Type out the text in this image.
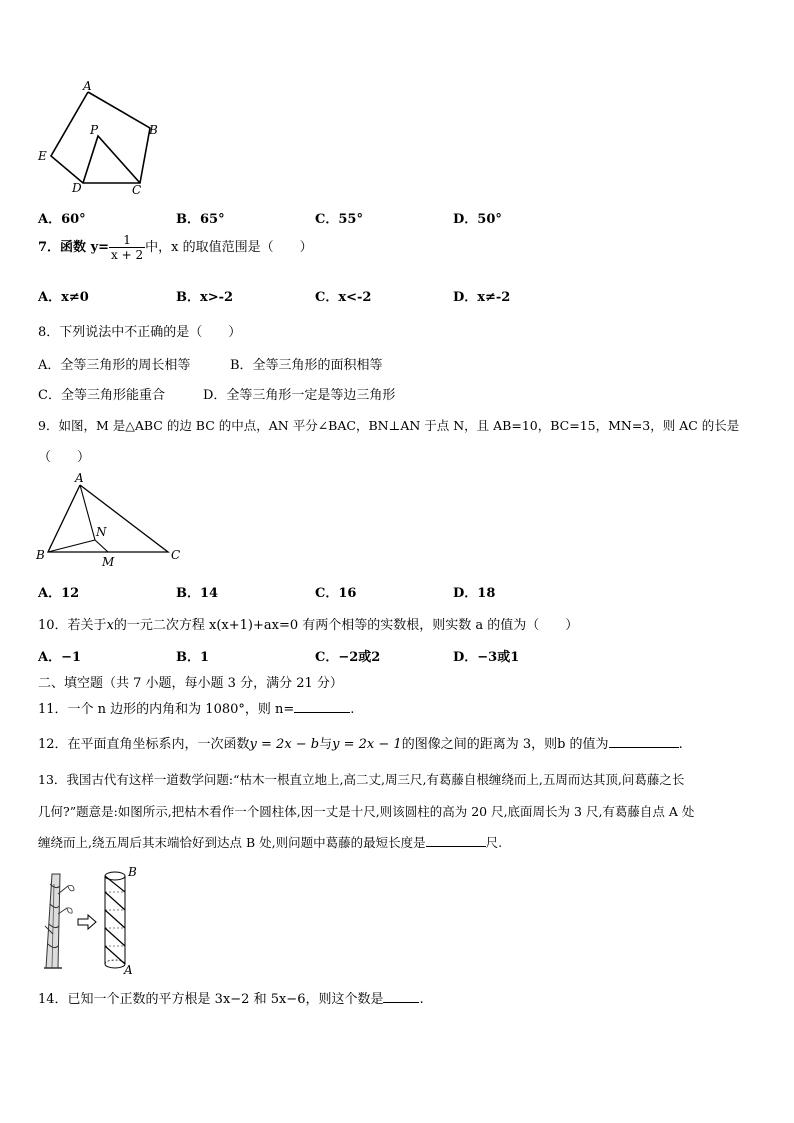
A
B
C
D
E
P
A．60°	B．65°	C．55°	D．50°
7．函数 $y= \frac{1}{x + 2}$ 中，x 的取值范围是（　　）
A．x≠0	B．x>-2	C．x<-2	D．x≠-2
8．下列说法中不正确的是（　　）
A．全等三角形的周长相等	B．全等三角形的面积相等
C．全等三角形能重合	D．全等三角形一定是等边三角形
9．如图，M 是△ABC 的边 BC 的中点，AN 平分∠BAC，BN⊥AN 于点 N，且 AB=10，BC=15，MN=3，则 AC 的长是
（　　）
A
B	C
N
M
A．12	B．14	C．16	D．18
10．若关于x的一元二次方程 x(x+1)+ax=0 有两个相等的实数根，则实数 a 的值为（　　）
A．−1	B．1	C．−2或2	D．−3或1
二、填空题（共 7 小题，每小题 3 分，满分 21 分）
11．一个 n 边形的内角和为 1080°，则 n=	.
12．在平面直角坐标系内，一次函数y = 2x − b与y = 2x − 1的图像之间的距离为 3，则b 的值为	.
13．我国古代有这样一道数学问题:“枯木一根直立地上,高二丈,周三尺,有葛藤自根缠绕而上,五周而达其顶,问葛藤之长
几何?”题意是:如图所示,把枯木看作一个圆柱体,因一丈是十尺,则该圆柱的高为 20 尺,底面周长为 3 尺,有葛藤自点 A 处
缠绕而上,绕五周后其末端恰好到达点 B 处,则问题中葛藤的最短长度是	尺.
B
A
14．已知一个正数的平方根是 3x−2 和 5x−6，则这个数是	.
